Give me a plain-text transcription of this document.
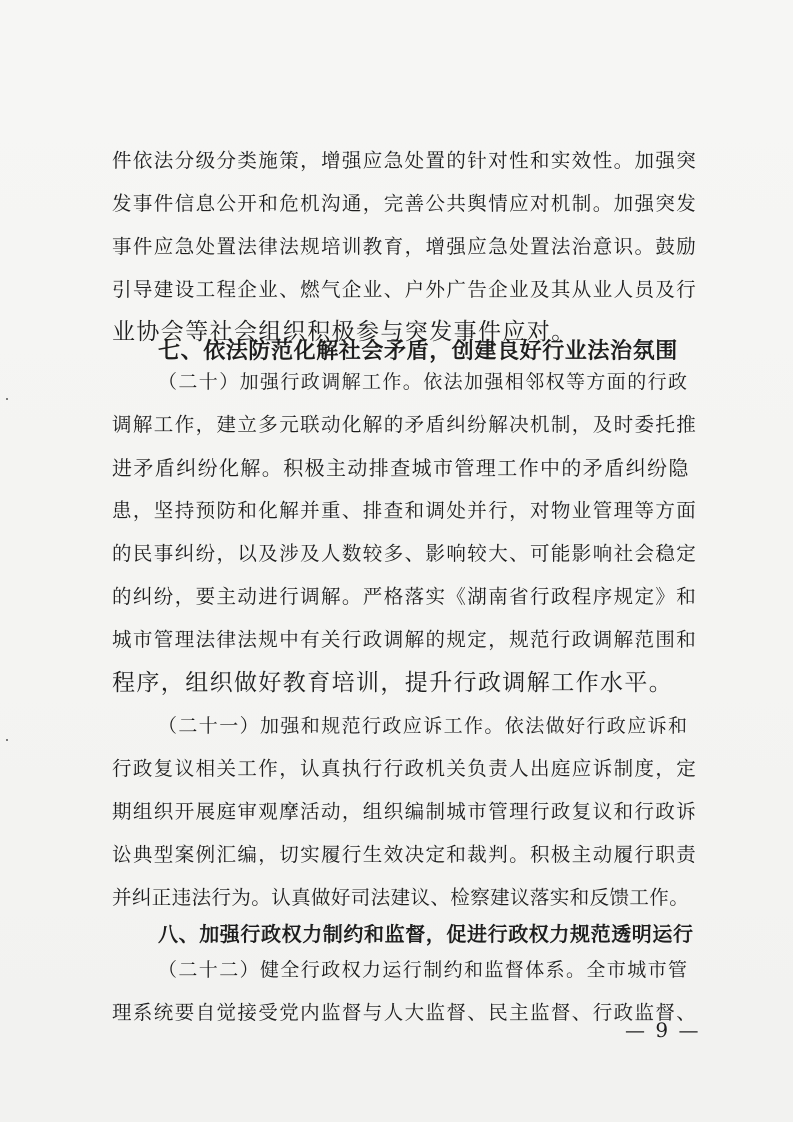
件依法分级分类施策，增强应急处置的针对性和实效性。加强突
发事件信息公开和危机沟通，完善公共舆情应对机制。加强突发
事件应急处置法律法规培训教育，增强应急处置法治意识。鼓励
引导建设工程企业、燃气企业、户外广告企业及其从业人员及行
业协会等社会组织积极参与突发事件应对。
七、依法防范化解社会矛盾，创建良好行业法治氛围
（二十）加强行政调解工作。依法加强相邻权等方面的行政
调解工作，建立多元联动化解的矛盾纠纷解决机制，及时委托推
进矛盾纠纷化解。积极主动排查城市管理工作中的矛盾纠纷隐
患，坚持预防和化解并重、排查和调处并行，对物业管理等方面
的民事纠纷，以及涉及人数较多、影响较大、可能影响社会稳定
的纠纷，要主动进行调解。严格落实《湖南省行政程序规定》和
城市管理法律法规中有关行政调解的规定，规范行政调解范围和
程序，组织做好教育培训，提升行政调解工作水平。
（二十一）加强和规范行政应诉工作。依法做好行政应诉和
行政复议相关工作，认真执行行政机关负责人出庭应诉制度，定
期组织开展庭审观摩活动，组织编制城市管理行政复议和行政诉
讼典型案例汇编，切实履行生效决定和裁判。积极主动履行职责
并纠正违法行为。认真做好司法建议、检察建议落实和反馈工作。
八、加强行政权力制约和监督，促进行政权力规范透明运行
（二十二）健全行政权力运行制约和监督体系。全市城市管
理系统要自觉接受党内监督与人大监督、民主监督、行政监督、
— 9 —
